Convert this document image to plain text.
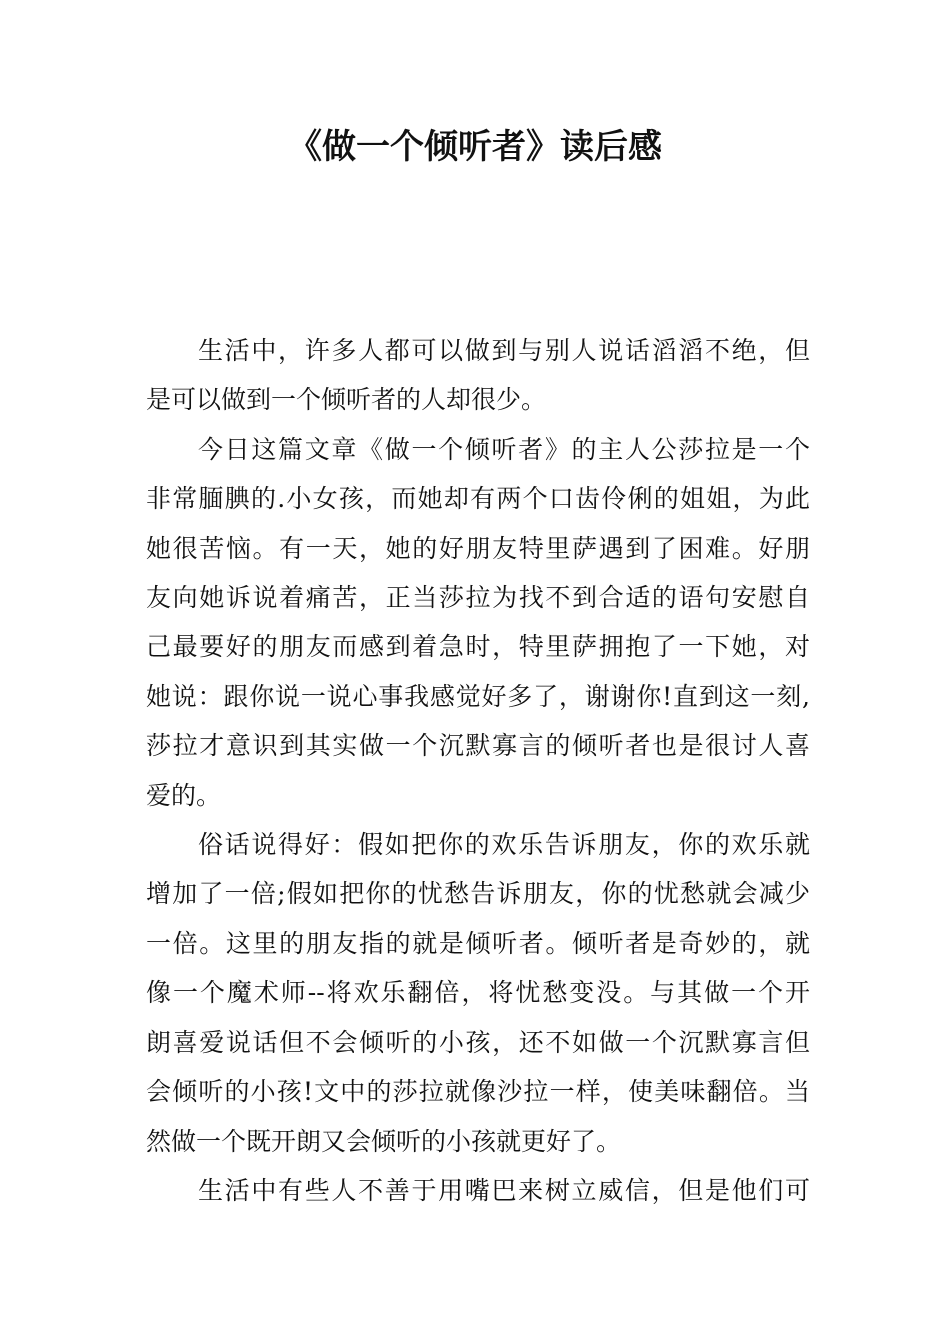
《做一个倾听者》读后感

生活中，许多人都可以做到与别人说话滔滔不绝，但
是可以做到一个倾听者的人却很少。

今日这篇文章《做一个倾听者》的主人公莎拉是一个
非常腼腆的.小女孩，而她却有两个口齿伶俐的姐姐，为此
她很苦恼。有一天，她的好朋友特里萨遇到了困难。好朋
友向她诉说着痛苦，正当莎拉为找不到合适的语句安慰自
己最要好的朋友而感到着急时，特里萨拥抱了一下她，对
她说：跟你说一说心事我感觉好多了，谢谢你!直到这一刻,
莎拉才意识到其实做一个沉默寡言的倾听者也是很讨人喜
爱的。

俗话说得好：假如把你的欢乐告诉朋友，你的欢乐就
增加了一倍;假如把你的忧愁告诉朋友，你的忧愁就会减少
一倍。这里的朋友指的就是倾听者。倾听者是奇妙的，就
像一个魔术师--将欢乐翻倍，将忧愁变没。与其做一个开
朗喜爱说话但不会倾听的小孩，还不如做一个沉默寡言但
会倾听的小孩!文中的莎拉就像沙拉一样，使美味翻倍。当
然做一个既开朗又会倾听的小孩就更好了。

生活中有些人不善于用嘴巴来树立威信，但是他们可
